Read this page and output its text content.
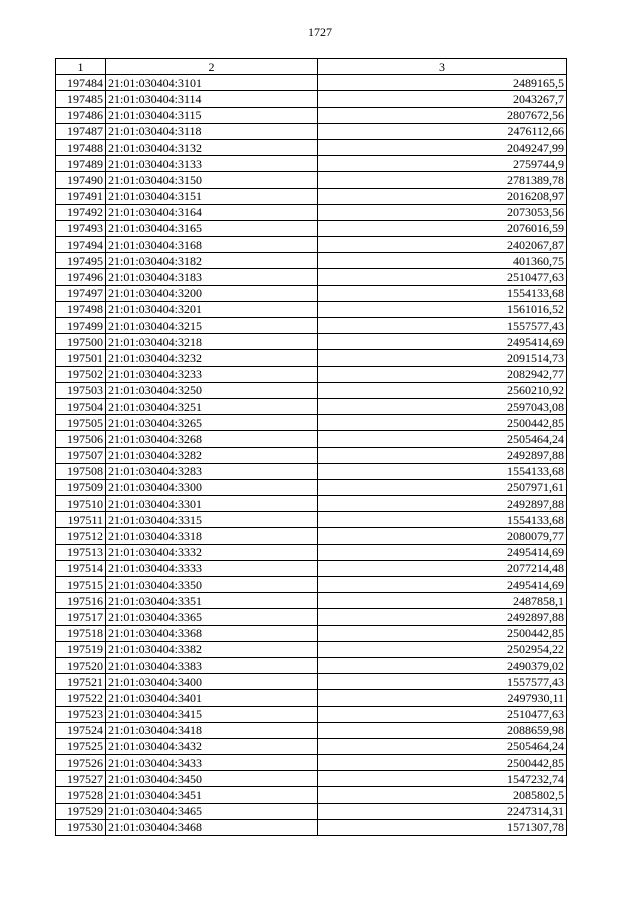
1727
1	2	3
197484	21:01:030404:3101	2489165,5
197485	21:01:030404:3114	2043267,7
197486	21:01:030404:3115	2807672,56
197487	21:01:030404:3118	2476112,66
197488	21:01:030404:3132	2049247,99
197489	21:01:030404:3133	2759744,9
197490	21:01:030404:3150	2781389,78
197491	21:01:030404:3151	2016208,97
197492	21:01:030404:3164	2073053,56
197493	21:01:030404:3165	2076016,59
197494	21:01:030404:3168	2402067,87
197495	21:01:030404:3182	401360,75
197496	21:01:030404:3183	2510477,63
197497	21:01:030404:3200	1554133,68
197498	21:01:030404:3201	1561016,52
197499	21:01:030404:3215	1557577,43
197500	21:01:030404:3218	2495414,69
197501	21:01:030404:3232	2091514,73
197502	21:01:030404:3233	2082942,77
197503	21:01:030404:3250	2560210,92
197504	21:01:030404:3251	2597043,08
197505	21:01:030404:3265	2500442,85
197506	21:01:030404:3268	2505464,24
197507	21:01:030404:3282	2492897,88
197508	21:01:030404:3283	1554133,68
197509	21:01:030404:3300	2507971,61
197510	21:01:030404:3301	2492897,88
197511	21:01:030404:3315	1554133,68
197512	21:01:030404:3318	2080079,77
197513	21:01:030404:3332	2495414,69
197514	21:01:030404:3333	2077214,48
197515	21:01:030404:3350	2495414,69
197516	21:01:030404:3351	2487858,1
197517	21:01:030404:3365	2492897,88
197518	21:01:030404:3368	2500442,85
197519	21:01:030404:3382	2502954,22
197520	21:01:030404:3383	2490379,02
197521	21:01:030404:3400	1557577,43
197522	21:01:030404:3401	2497930,11
197523	21:01:030404:3415	2510477,63
197524	21:01:030404:3418	2088659,98
197525	21:01:030404:3432	2505464,24
197526	21:01:030404:3433	2500442,85
197527	21:01:030404:3450	1547232,74
197528	21:01:030404:3451	2085802,5
197529	21:01:030404:3465	2247314,31
197530	21:01:030404:3468	1571307,78
